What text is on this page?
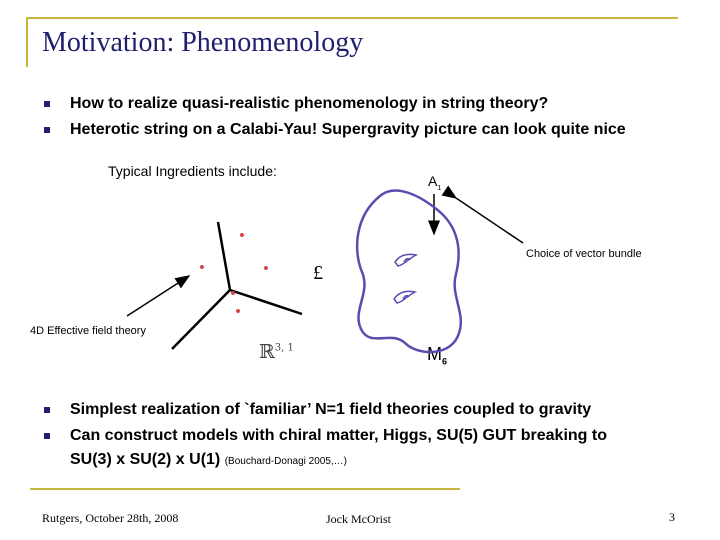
Motivation: Phenomenology
How to realize quasi-realistic phenomenology in string theory?
Heterotic string on a Calabi-Yau! Supergravity picture can look quite nice
Typical Ingredients include:
Choice of vector bundle
4D Effective field theory
$A_1$
£
ℝ$^{3, 1}$	$M_6$
Simplest realization of `familiar’ N=1 field theories coupled to gravity
Can construct models with chiral matter, Higgs, SU(5) GUT breaking to
SU(3) x SU(2) x U(1) (Bouchard-Donagi 2005,…)
Rutgers, October 28th, 2008	Jock McOrist	3
